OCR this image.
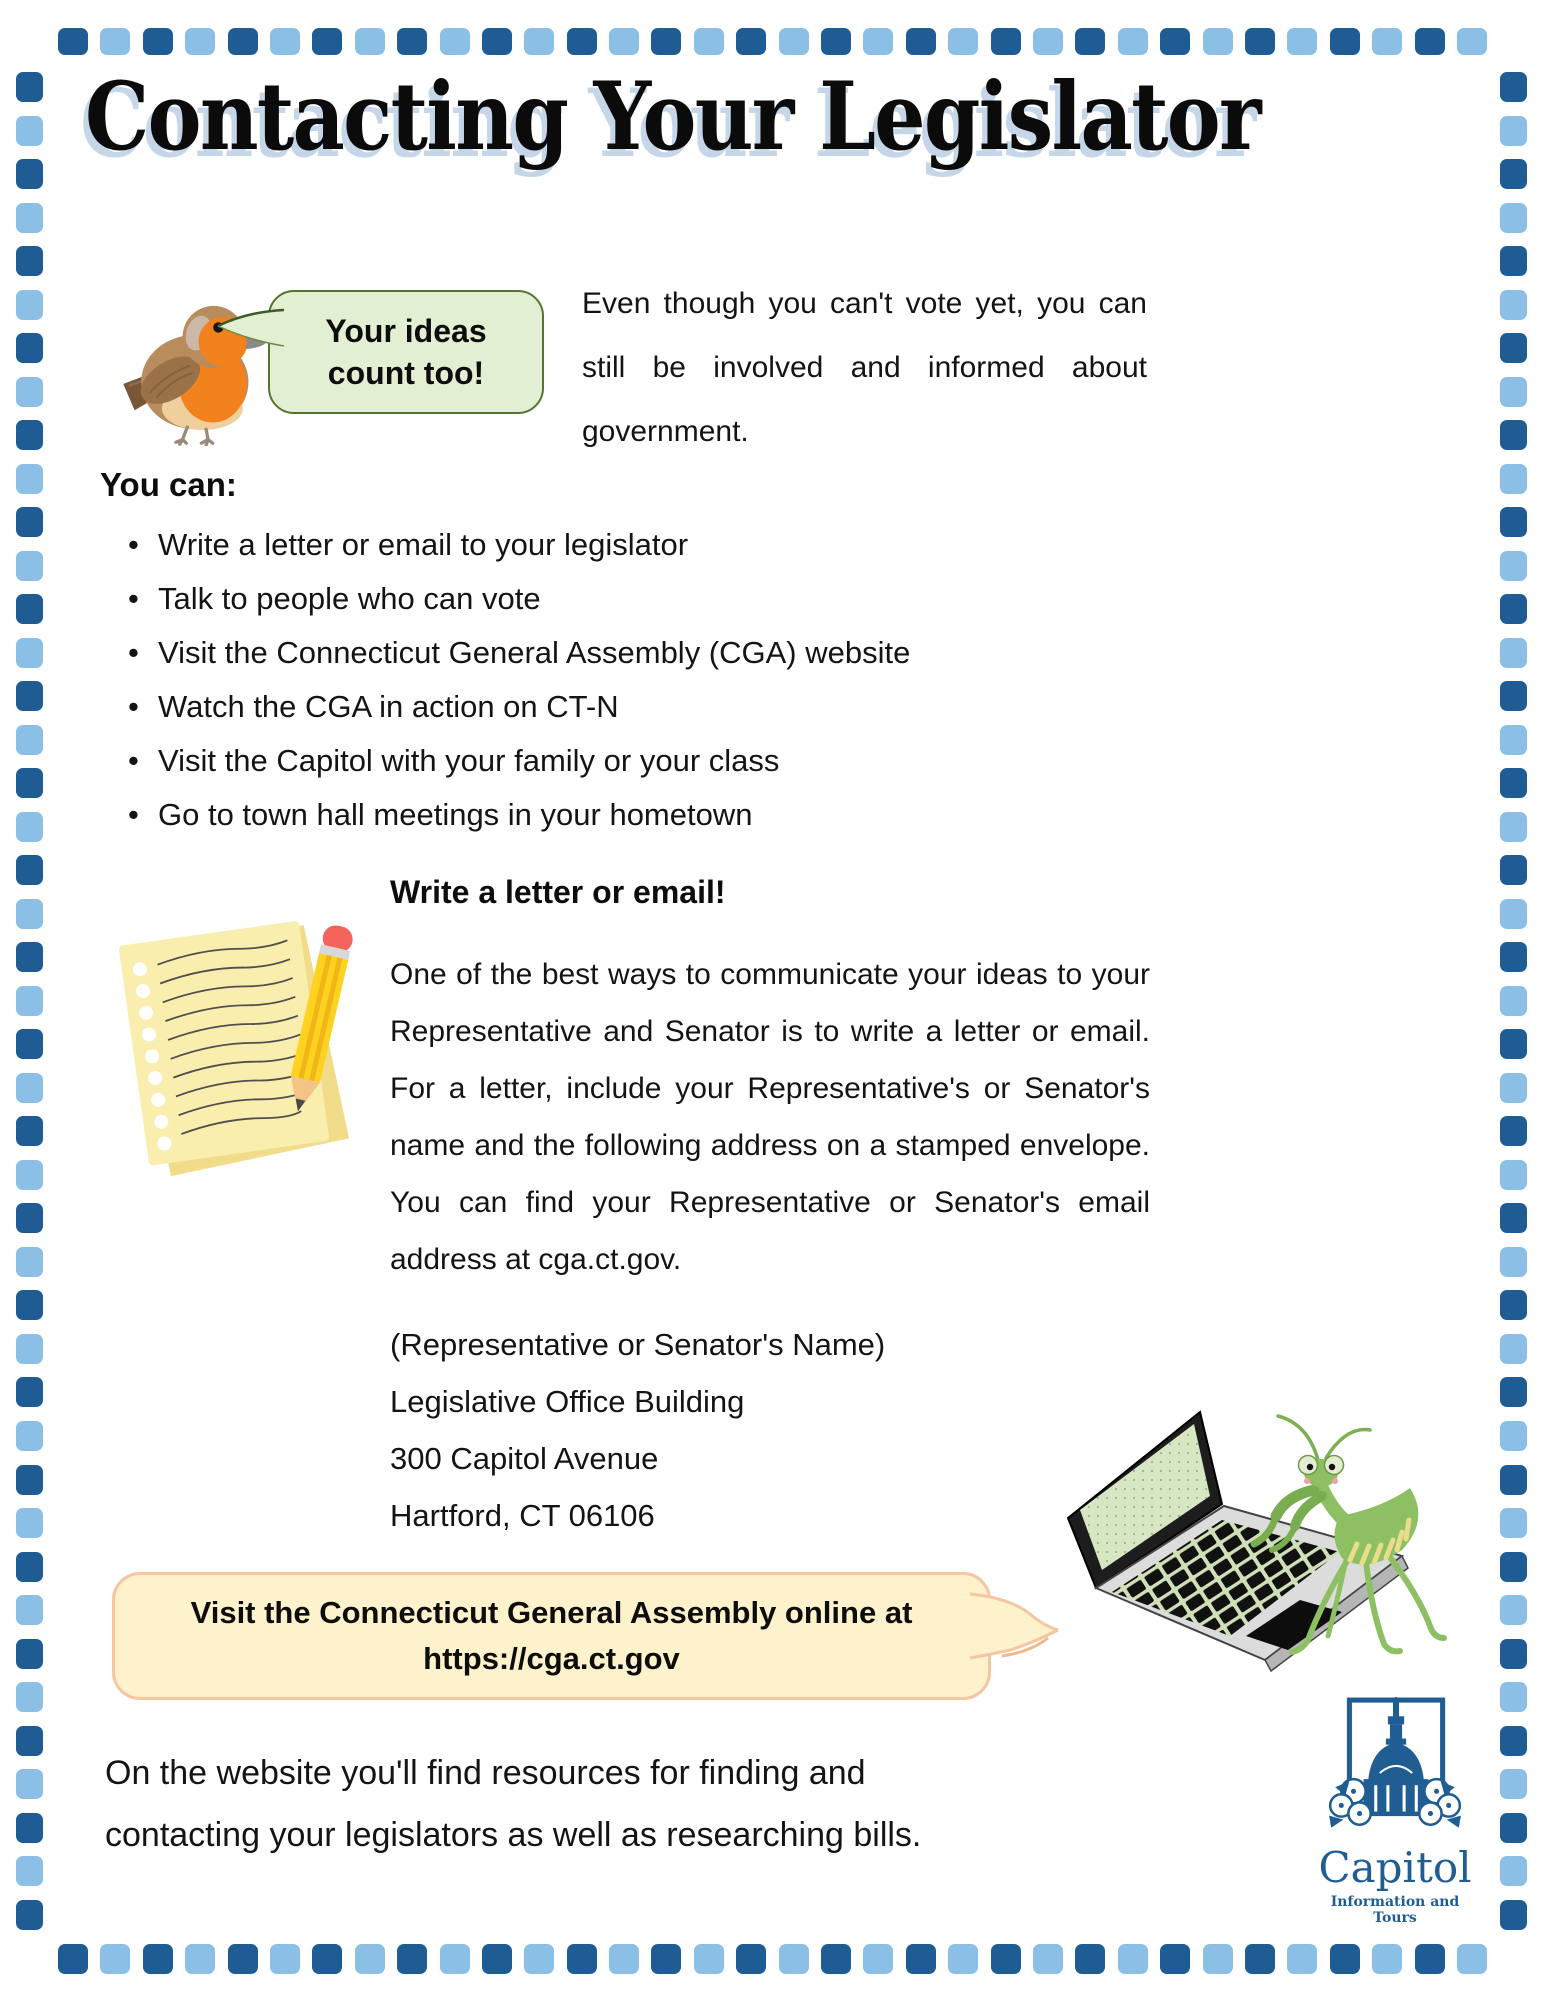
Contacting Your Legislator
Your ideas
count too!
Even though you can't vote yet, you can
still be involved and informed about
government.
You can:
• Write a letter or email to your legislator
• Talk to people who can vote
• Visit the Connecticut General Assembly (CGA) website
• Watch the CGA in action on CT-N
• Visit the Capitol with your family or your class
• Go to town hall meetings in your hometown
Write a letter or email!
One of the best ways to communicate your ideas to your
Representative and Senator is to write a letter or email.
For a letter, include your Representative's or Senator's
name and the following address on a stamped envelope.
You can find your Representative or Senator's email
address at cga.ct.gov.
(Representative or Senator's Name)
Legislative Office Building
300 Capitol Avenue
Hartford, CT 06106
Visit the Connecticut General Assembly online at
https://cga.ct.gov
On the website you'll find resources for finding and
contacting your legislators as well as researching bills.
Capitol
Information and Tours
